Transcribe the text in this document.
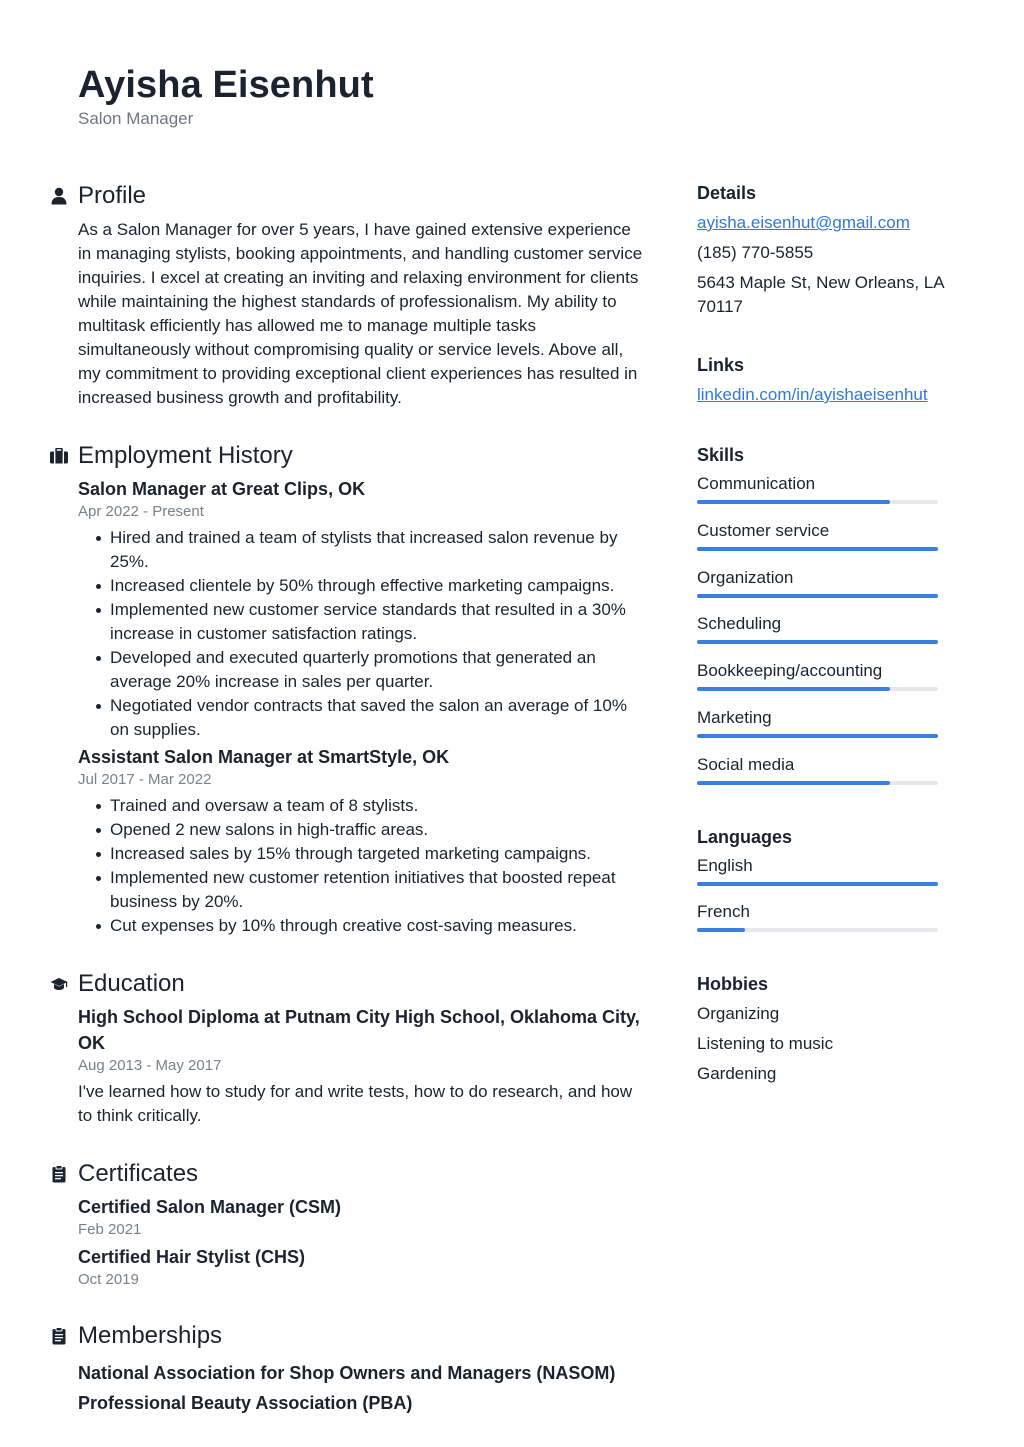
Ayisha Eisenhut
Salon Manager
Profile
As a Salon Manager for over 5 years, I have gained extensive experience in managing stylists, booking appointments, and handling customer service inquiries. I excel at creating an inviting and relaxing environment for clients while maintaining the highest standards of professionalism. My ability to multitask efficiently has allowed me to manage multiple tasks simultaneously without compromising quality or service levels. Above all, my commitment to providing exceptional client experiences has resulted in increased business growth and profitability.
Employment History
Salon Manager at Great Clips, OK
Apr 2022 - Present
Hired and trained a team of stylists that increased salon revenue by 25%.
Increased clientele by 50% through effective marketing campaigns.
Implemented new customer service standards that resulted in a 30% increase in customer satisfaction ratings.
Developed and executed quarterly promotions that generated an average 20% increase in sales per quarter.
Negotiated vendor contracts that saved the salon an average of 10% on supplies.
Assistant Salon Manager at SmartStyle, OK
Jul 2017 - Mar 2022
Trained and oversaw a team of 8 stylists.
Opened 2 new salons in high-traffic areas.
Increased sales by 15% through targeted marketing campaigns.
Implemented new customer retention initiatives that boosted repeat business by 20%.
Cut expenses by 10% through creative cost-saving measures.
Education
High School Diploma at Putnam City High School, Oklahoma City, OK
Aug 2013 - May 2017
I've learned how to study for and write tests, how to do research, and how to think critically.
Certificates
Certified Salon Manager (CSM)
Feb 2021
Certified Hair Stylist (CHS)
Oct 2019
Memberships
National Association for Shop Owners and Managers (NASOM)
Professional Beauty Association (PBA)
Details
ayisha.eisenhut@gmail.com
(185) 770-5855
5643 Maple St, New Orleans, LA
70117
Links
linkedin.com/in/ayishaeisenhut
Skills
Communication
Customer service
Organization
Scheduling
Bookkeeping/accounting
Marketing
Social media
Languages
English
French
Hobbies
Organizing
Listening to music
Gardening
